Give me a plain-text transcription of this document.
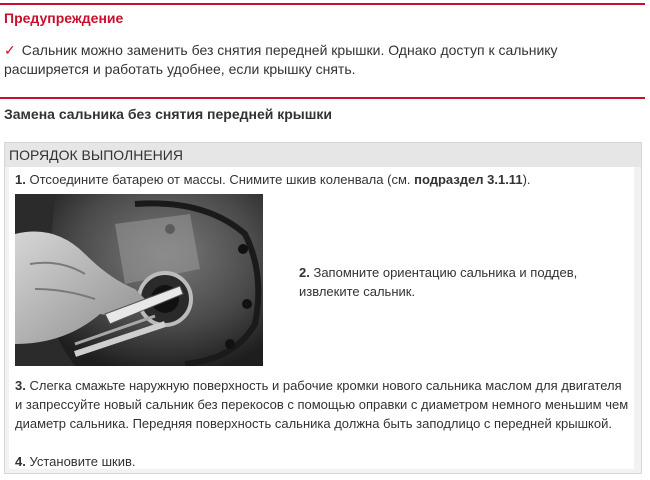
Предупреждение
✓ Сальник можно заменить без снятия передней крышки. Однако доступ к сальнику расширяется и работать удобнее, если крышку снять.
Замена сальника без снятия передней крышки
ПОРЯДОК ВЫПОЛНЕНИЯ
1. Отсоедините батарею от массы. Снимите шкив коленвала (см. подраздел 3.1.11).
2. Запомните ориентацию сальника и поддев, извлеките сальник.
3. Слегка смажьте наружную поверхность и рабочие кромки нового сальника маслом для двигателя и запрессуйте новый сальник без перекосов с помощью оправки с диаметром немного меньшим чем диаметр сальника. Передняя поверхность сальника должна быть заподлицо с передней крышкой.
4. Установите шкив.
